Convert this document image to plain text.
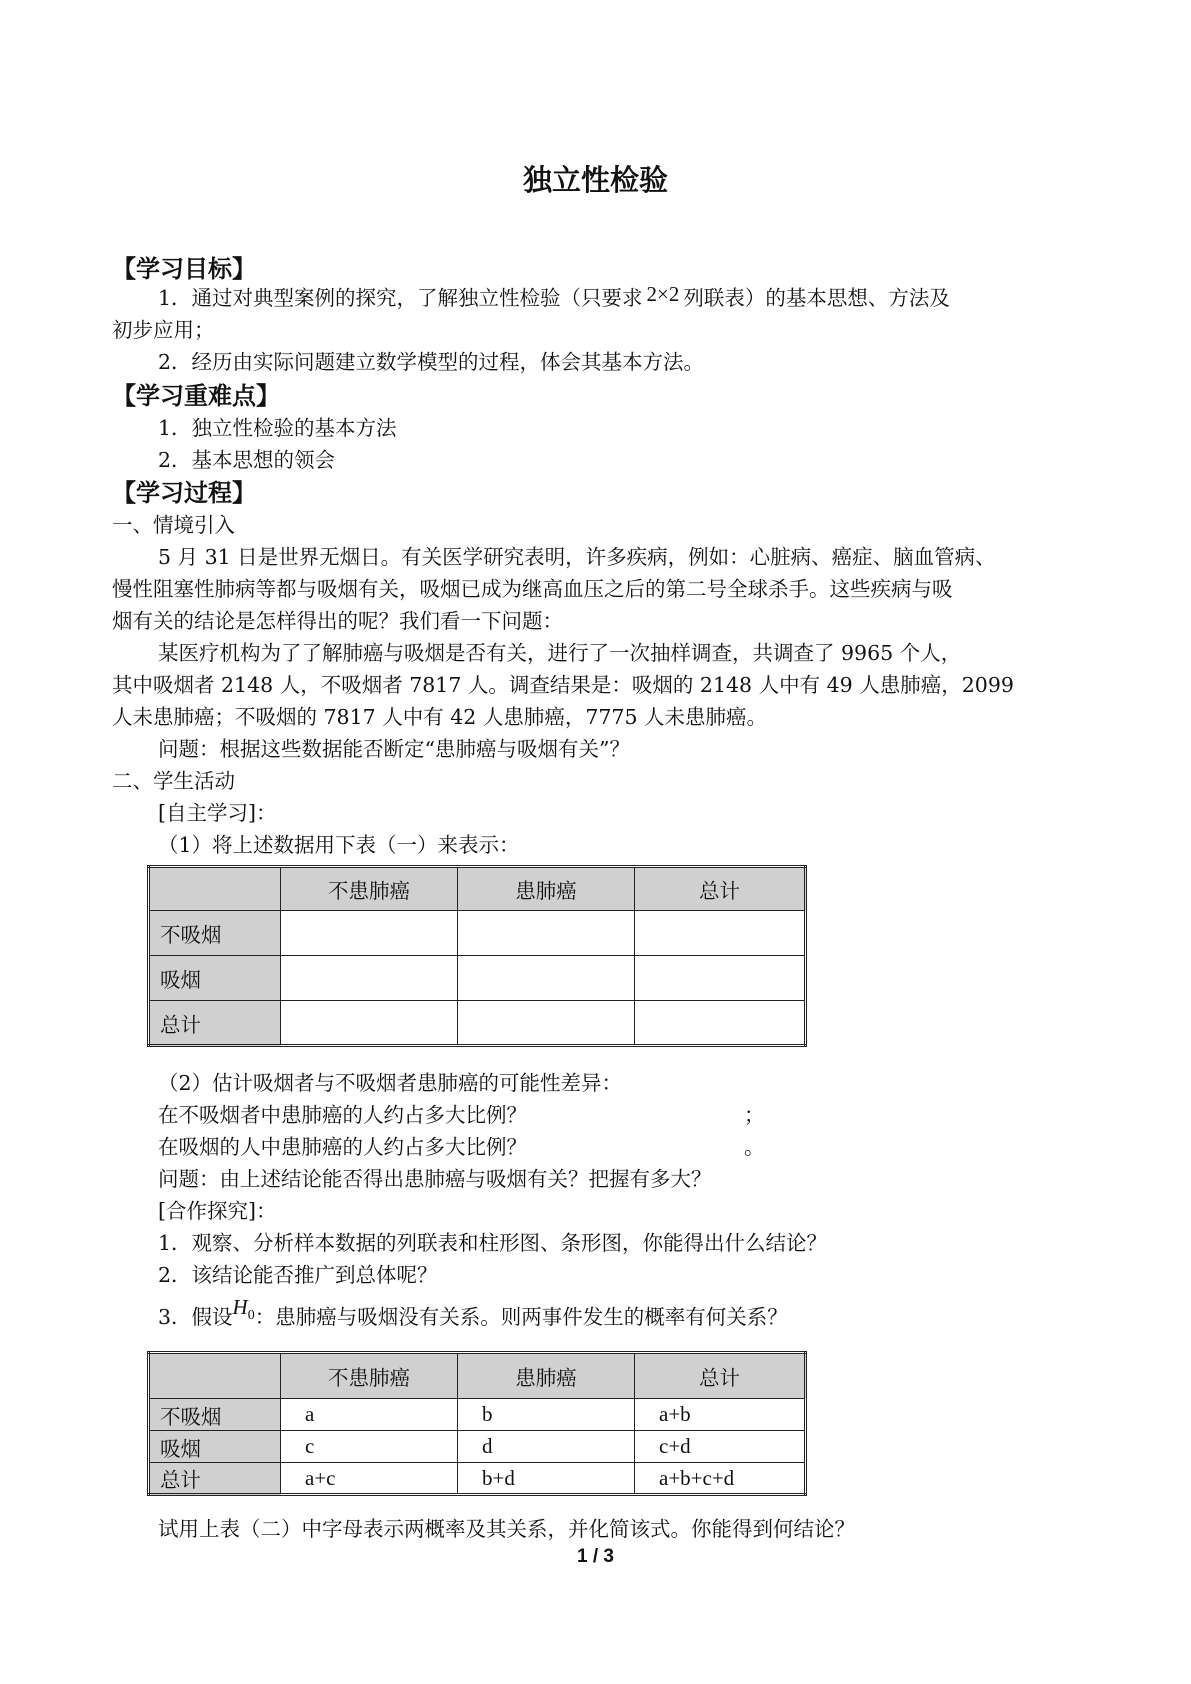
独立性检验
【学习目标】
1．通过对典型案例的探究，了解独立性检验（只要求 2×2 列联表）的基本思想、方法及
初步应用；
2．经历由实际问题建立数学模型的过程，体会其基本方法。
【学习重难点】
1．独立性检验的基本方法
2．基本思想的领会
【学习过程】
一、情境引入
5 月 31 日是世界无烟日。有关医学研究表明，许多疾病，例如：心脏病、癌症、脑血管病、
慢性阻塞性肺病等都与吸烟有关，吸烟已成为继高血压之后的第二号全球杀手。这些疾病与吸
烟有关的结论是怎样得出的呢？我们看一下问题：
某医疗机构为了了解肺癌与吸烟是否有关，进行了一次抽样调查，共调查了 9965 个人，
其中吸烟者 2148 人，不吸烟者 7817 人。调查结果是：吸烟的 2148 人中有 49 人患肺癌，2099
人未患肺癌；不吸烟的 7817 人中有 42 人患肺癌，7775 人未患肺癌。
问题：根据这些数据能否断定“患肺癌与吸烟有关”？
二、学生活动
[自主学习]：
（1）将上述数据用下表（一）来表示：
	不患肺癌	患肺癌	总计
不吸烟			
吸烟			
总计			
（2）估计吸烟者与不吸烟者患肺癌的可能性差异：
在不吸烟者中患肺癌的人约占多大比例？	；
在吸烟的人中患肺癌的人约占多大比例？	。
问题：由上述结论能否得出患肺癌与吸烟有关？把握有多大？
[合作探究]：
1．观察、分析样本数据的列联表和柱形图、条形图，你能得出什么结论？
2．该结论能否推广到总体呢？
3．假设$H_0$：患肺癌与吸烟没有关系。则两事件发生的概率有何关系？
	不患肺癌	患肺癌	总计
不吸烟	a	b	a+b
吸烟	c	d	c+d
总计	a+c	b+d	a+b+c+d
试用上表（二）中字母表示两概率及其关系，并化简该式。你能得到何结论？
1 / 3
